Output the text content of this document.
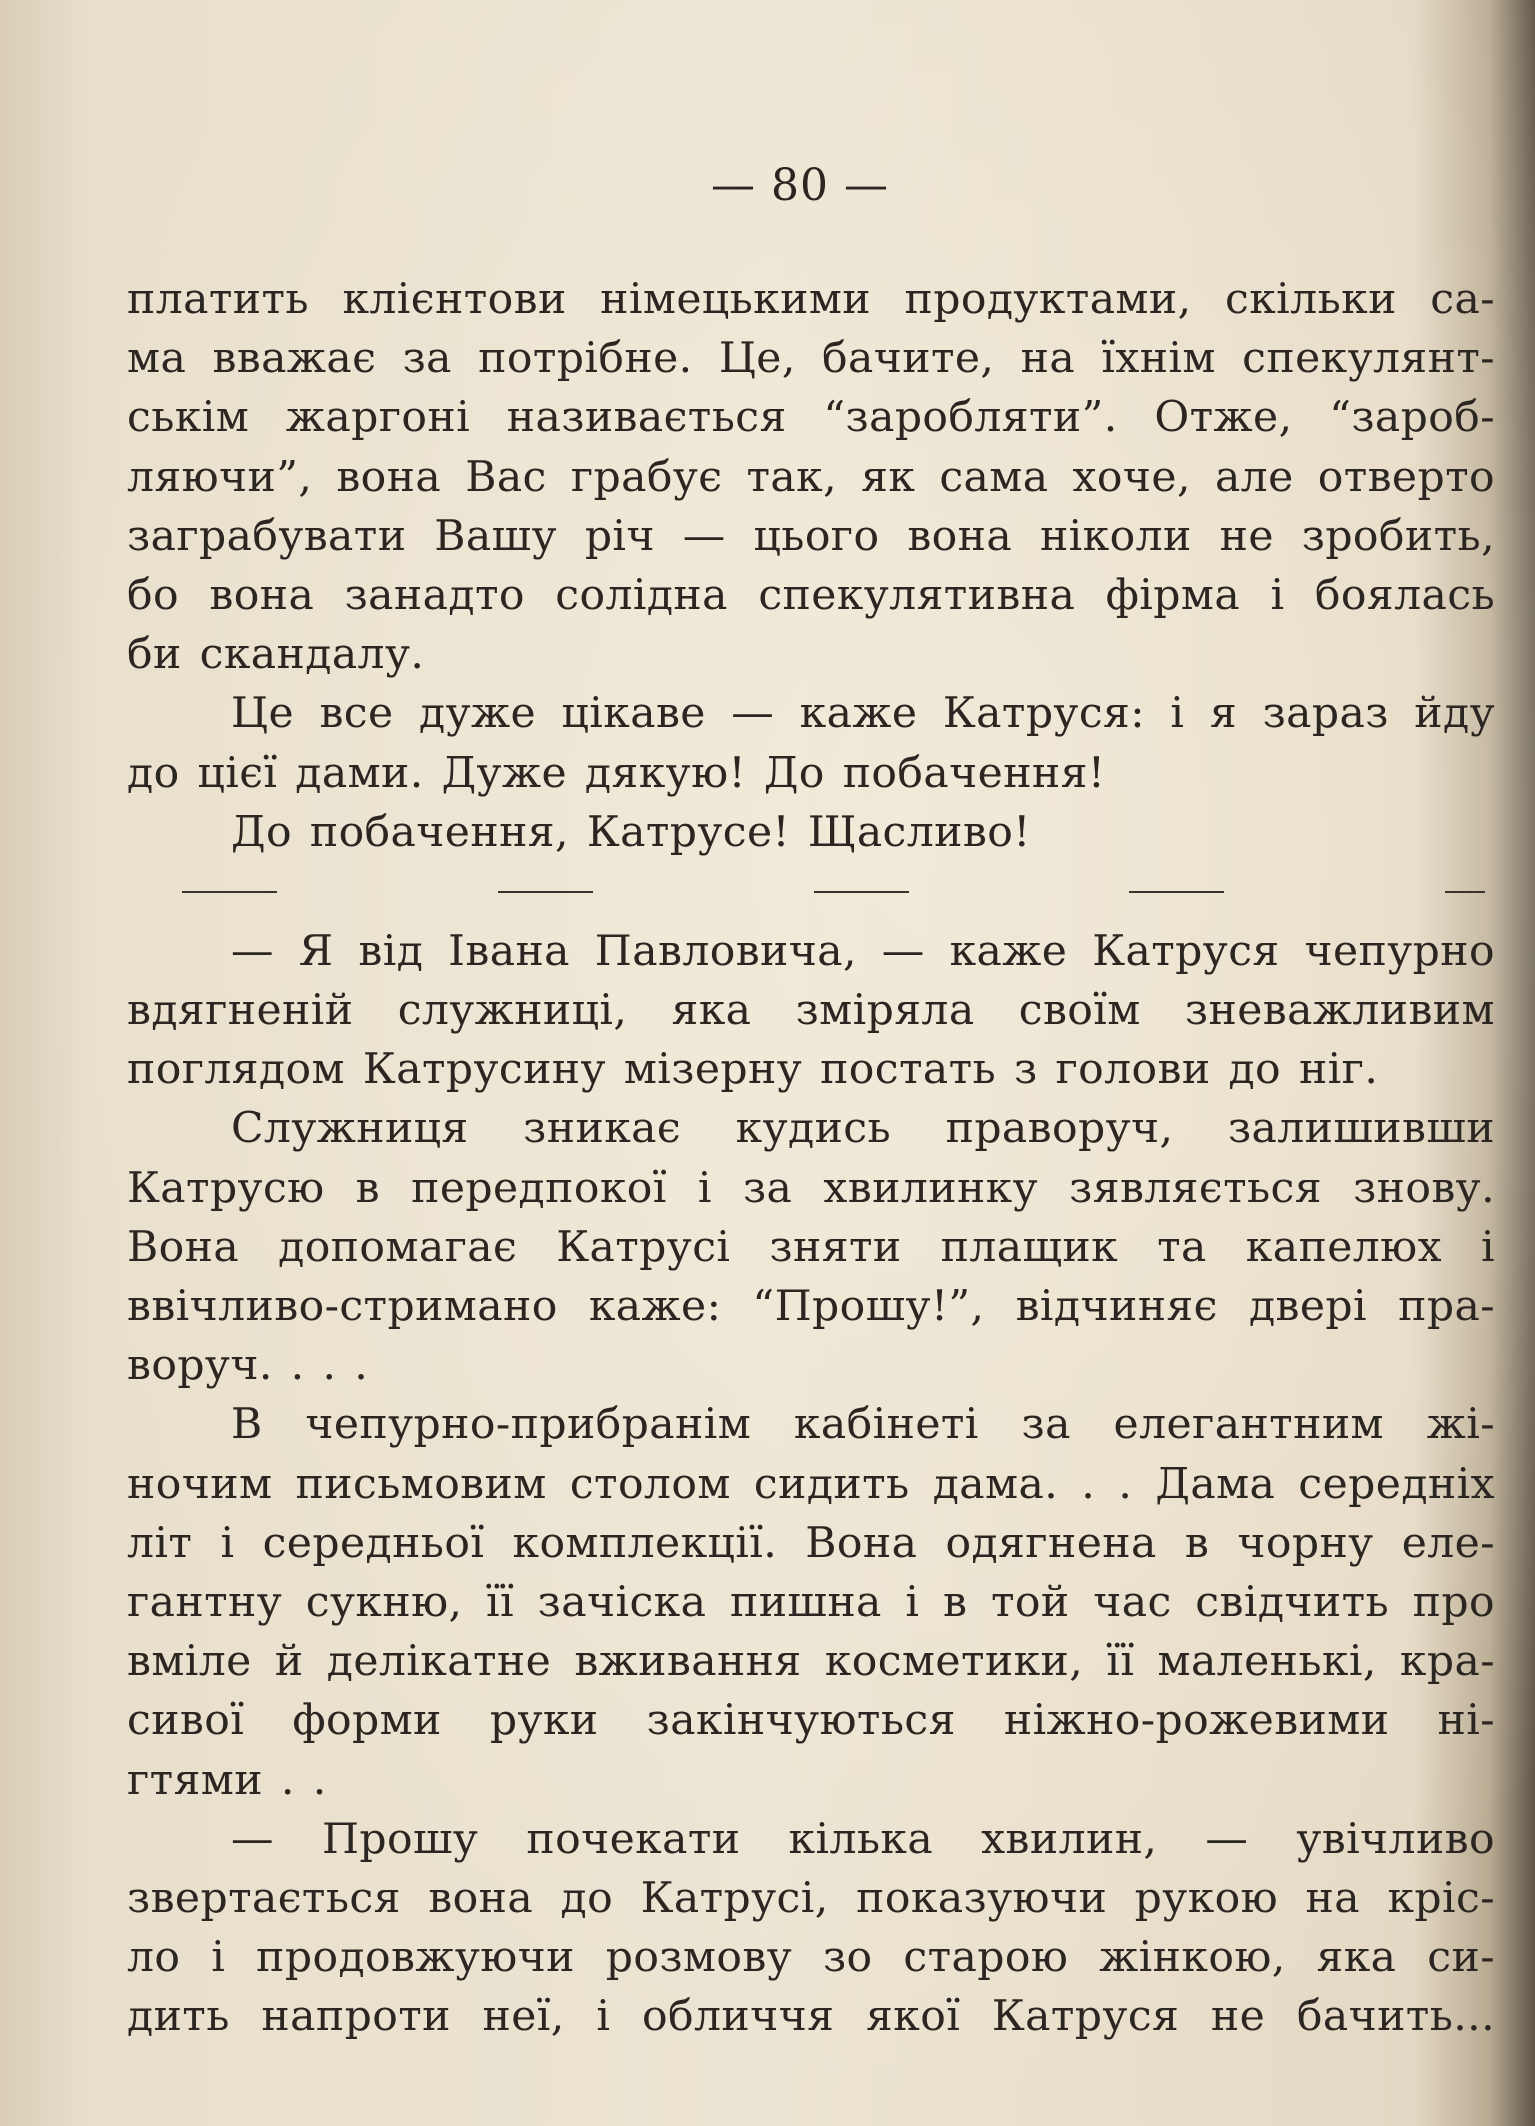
— 80 —
платить клієнтови німецькими продуктами, скільки са-
ма вважає за потрібне. Це, бачите, на їхнім спекулянт-
ськім жаргоні називається “заробляти”. Отже, “зароб-
ляючи”, вона Вас грабує так, як сама хоче, але отверто
заграбувати Вашу річ — цього вона ніколи не зробить,
бо вона занадто солідна спекулятивна фірма і боялась
би скандалу.
Це все дуже цікаве — каже Катруся: і я зараз йду
до цієї дами. Дуже дякую! До побачення!
До побачення, Катрусе! Щасливо!
— Я від Івана Павловича, — каже Катруся чепурно
вдягненій служниці, яка зміряла своїм зневажливим
поглядом Катрусину мізерну постать з голови до ніг.
Служниця зникає кудись праворуч, залишивши
Катрусю в передпокої і за хвилинку зявляється знову.
Вона допомагає Катрусі зняти плащик та капелюх і
ввічливо-стримано каже: “Прошу!”, відчиняє двері пра-
воруч. . . .
В чепурно-прибранім кабінеті за елегантним жі-
ночим письмовим столом сидить дама. . . Дама середніх
літ і середньої комплекції. Вона одягнена в чорну еле-
гантну сукню, її зачіска пишна і в той час свідчить про
вміле й делікатне вживання косметики, її маленькі, кра-
сивої форми руки закінчуються ніжно-рожевими ні-
гтями . .
— Прошу почекати кілька хвилин, — увічливо
звертається вона до Катрусі, показуючи рукою на кріс-
ло і продовжуючи розмову зо старою жінкою, яка си-
дить напроти неї, і обличчя якої Катруся не бачить...
